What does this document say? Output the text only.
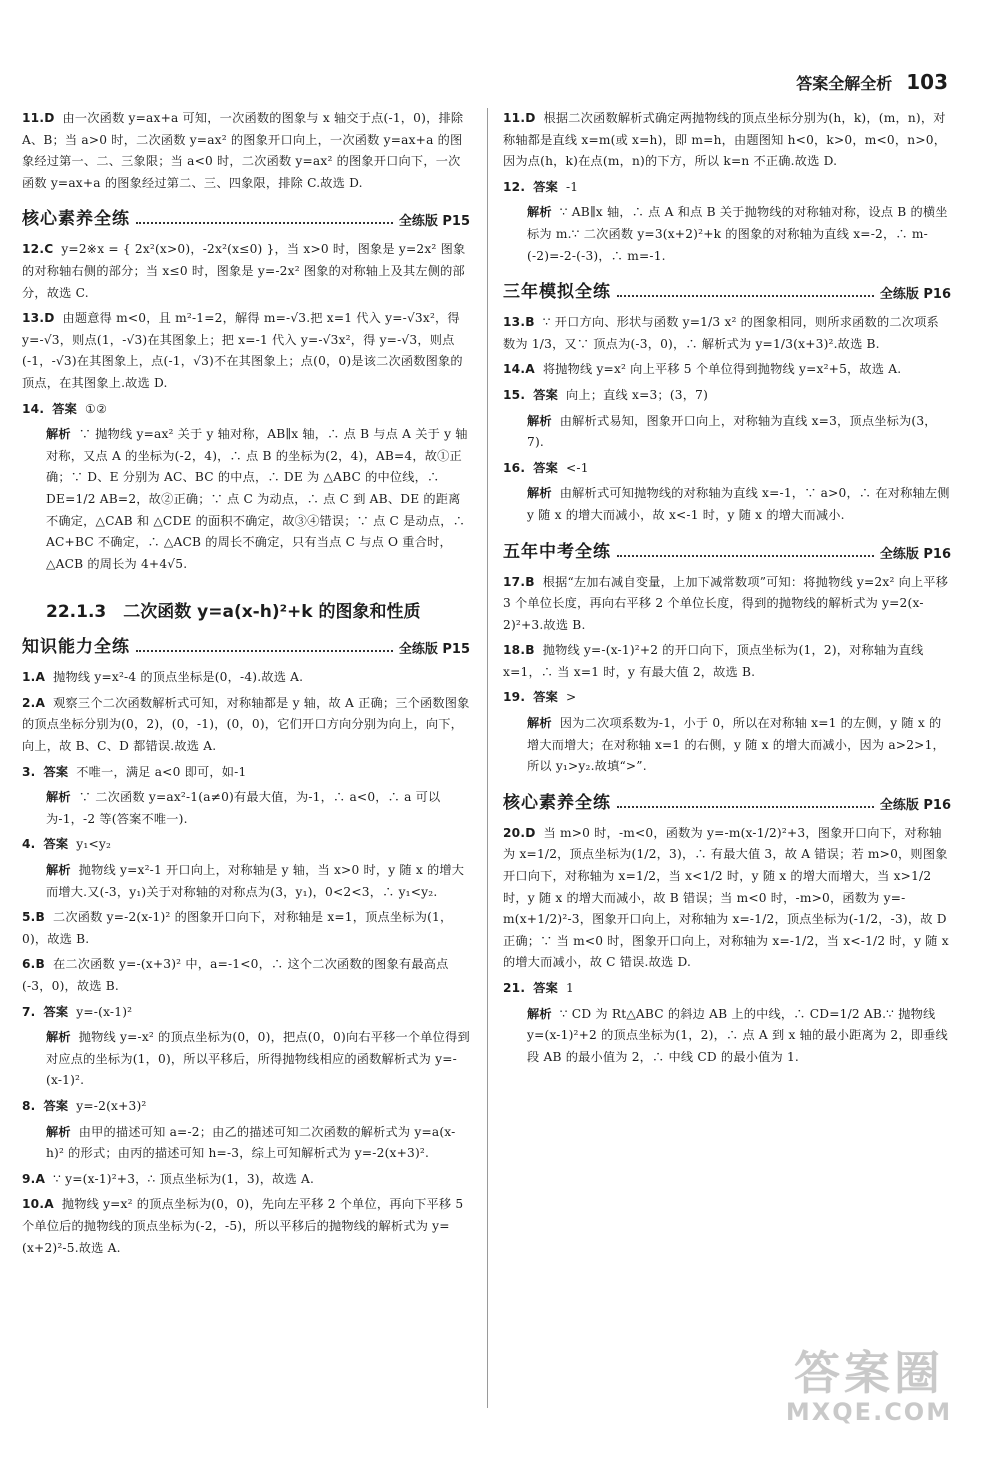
答案全解全析 103

11.D 由一次函数 y=ax+a 可知，一次函数的图象与 x 轴交于点(-1，0)，排除 A、B；当 a>0 时，二次函数 y=ax² 的图象开口向上，一次函数 y=ax+a 的图象经过第一、二、三象限；当 a<0 时，二次函数 y=ax² 的图象开口向下，一次函数 y=ax+a 的图象经过第二、三、四象限，排除 C.故选 D.

核心素养全练	全练版 P15

12.C y=2※x = { 2x²(x>0)，-2x²(x≤0) }，当 x>0 时，图象是 y=2x² 图象的对称轴右侧的部分；当 x≤0 时，图象是 y=-2x² 图象的对称轴上及其左侧的部分，故选 C.

13.D 由题意得 m<0，且 m²-1=2，解得 m=-√3.把 x=1 代入 y=-√3x²，得 y=-√3，则点(1，-√3)在其图象上；把 x=-1 代入 y=-√3x²，得 y=-√3，则点(-1，-√3)在其图象上，点(-1，√3)不在其图象上；点(0，0)是该二次函数图象的顶点，在其图象上.故选 D.

14. 答案 ①②

解析 ∵ 抛物线 y=ax² 关于 y 轴对称，AB∥x 轴，∴ 点 B 与点 A 关于 y 轴对称，又点 A 的坐标为(-2，4)，∴ 点 B 的坐标为(2，4)，AB=4，故①正确；∵ D、E 分别为 AC、BC 的中点，∴ DE 为 △ABC 的中位线，∴ DE=1/2 AB=2，故②正确；∵ 点 C 为动点，∴ 点 C 到 AB、DE 的距离不确定，△CAB 和 △CDE 的面积不确定，故③④错误；∵ 点 C 是动点，∴ AC+BC 不确定，∴ △ACB 的周长不确定，只有当点 C 与点 O 重合时，△ACB 的周长为 4+4√5.

22.1.3　二次函数 y=a(x-h)²+k 的图象和性质
知识能力全练	全练版 P15

1.A 抛物线 y=x²-4 的顶点坐标是(0，-4).故选 A.

2.A 观察三个二次函数解析式可知，对称轴都是 y 轴，故 A 正确；三个函数图象的顶点坐标分别为(0，2)，(0，-1)，(0，0)，它们开口方向分别为向上，向下，向上，故 B、C、D 都错误.故选 A.

3. 答案 不唯一，满足 a<0 即可，如-1

解析 ∵ 二次函数 y=ax²-1(a≠0)有最大值，为-1，∴ a<0，∴ a 可以为-1，-2 等(答案不唯一).

4. 答案 y₁<y₂

解析 抛物线 y=x²-1 开口向上，对称轴是 y 轴，当 x>0 时，y 随 x 的增大而增大.又(-3，y₁)关于对称轴的对称点为(3，y₁)，0<2<3，∴ y₁<y₂.

5.B 二次函数 y=-2(x-1)² 的图象开口向下，对称轴是 x=1，顶点坐标为(1，0)，故选 B.

6.B 在二次函数 y=-(x+3)² 中，a=-1<0，∴ 这个二次函数的图象有最高点(-3，0)，故选 B.

7. 答案 y=-(x-1)²

解析 抛物线 y=-x² 的顶点坐标为(0，0)，把点(0，0)向右平移一个单位得到对应点的坐标为(1，0)，所以平移后，所得抛物线相应的函数解析式为 y=-(x-1)².

8. 答案 y=-2(x+3)²

解析 由甲的描述可知 a=-2；由乙的描述可知二次函数的解析式为 y=a(x-h)² 的形式；由丙的描述可知 h=-3，综上可知解析式为 y=-2(x+3)².

9.A ∵ y=(x-1)²+3，∴ 顶点坐标为(1，3)，故选 A.

10.A 抛物线 y=x² 的顶点坐标为(0，0)，先向左平移 2 个单位，再向下平移 5 个单位后的抛物线的顶点坐标为(-2，-5)，所以平移后的抛物线的解析式为 y=(x+2)²-5.故选 A.

11.D 根据二次函数解析式确定两抛物线的顶点坐标分别为(h，k)，(m，n)，对称轴都是直线 x=m(或 x=h)，即 m=h，由题图知 h<0，k>0，m<0，n>0，因为点(h，k)在点(m，n)的下方，所以 k=n 不正确.故选 D.

12. 答案 -1

解析 ∵ AB∥x 轴，∴ 点 A 和点 B 关于抛物线的对称轴对称，设点 B 的横坐标为 m.∵ 二次函数 y=3(x+2)²+k 的图象的对称轴为直线 x=-2，∴ m-(-2)=-2-(-3)，∴ m=-1.

三年模拟全练	全练版 P16

13.B ∵ 开口方向、形状与函数 y=1/3 x² 的图象相同，则所求函数的二次项系数为 1/3，又∵ 顶点为(-3，0)，∴ 解析式为 y=1/3(x+3)².故选 B.

14.A 将抛物线 y=x² 向上平移 5 个单位得到抛物线 y=x²+5，故选 A.

15. 答案 向上；直线 x=3；(3，7)

解析 由解析式易知，图象开口向上，对称轴为直线 x=3，顶点坐标为(3，7).

16. 答案 <-1

解析 由解析式可知抛物线的对称轴为直线 x=-1，∵ a>0，∴ 在对称轴左侧 y 随 x 的增大而减小，故 x<-1 时，y 随 x 的增大而减小.

五年中考全练	全练版 P16

17.B 根据“左加右减自变量，上加下减常数项”可知：将抛物线 y=2x² 向上平移 3 个单位长度，再向右平移 2 个单位长度，得到的抛物线的解析式为 y=2(x-2)²+3.故选 B.

18.B 抛物线 y=-(x-1)²+2 的开口向下，顶点坐标为(1，2)，对称轴为直线 x=1，∴ 当 x=1 时，y 有最大值 2，故选 B.

19. 答案 >

解析 因为二次项系数为-1，小于 0，所以在对称轴 x=1 的左侧，y 随 x 的增大而增大；在对称轴 x=1 的右侧，y 随 x 的增大而减小，因为 a>2>1，所以 y₁>y₂.故填“>”.

核心素养全练	全练版 P16

20.D 当 m>0 时，-m<0，函数为 y=-m(x-1/2)²+3，图象开口向下，对称轴为 x=1/2，顶点坐标为(1/2，3)，∴ 有最大值 3，故 A 错误；若 m>0，则图象开口向下，对称轴为 x=1/2，当 x<1/2 时，y 随 x 的增大而增大，当 x>1/2 时，y 随 x 的增大而减小，故 B 错误；当 m<0 时，-m>0，函数为 y=-m(x+1/2)²-3，图象开口向上，对称轴为 x=-1/2，顶点坐标为(-1/2，-3)，故 D 正确；∵ 当 m<0 时，图象开口向上，对称轴为 x=-1/2，当 x<-1/2 时，y 随 x 的增大而减小，故 C 错误.故选 D.

21. 答案 1

解析 ∵ CD 为 Rt△ABC 的斜边 AB 上的中线，∴ CD=1/2 AB.∵ 抛物线 y=(x-1)²+2 的顶点坐标为(1，2)，∴ 点 A 到 x 轴的最小距离为 2，即垂线段 AB 的最小值为 2，∴ 中线 CD 的最小值为 1.

答案圈
MXQE.COM
